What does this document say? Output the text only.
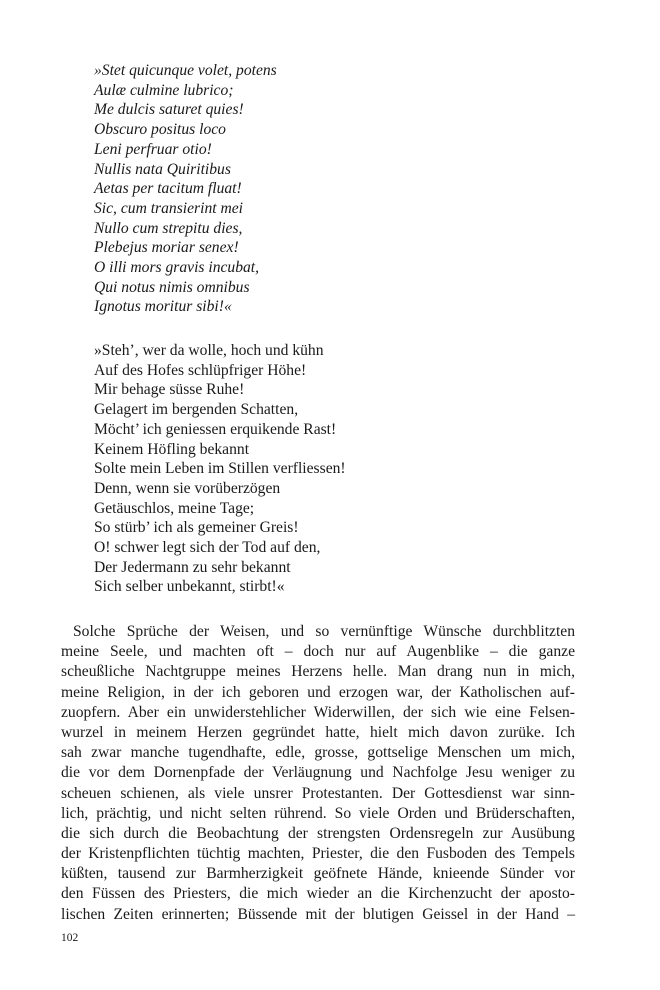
»Stet quicunque volet, potens
Aulæ culmine lubrico;
Me dulcis saturet quies!
Obscuro positus loco
Leni perfruar otio!
Nullis nata Quiritibus
Aetas per tacitum fluat!
Sic, cum transierint mei
Nullo cum strepitu dies,
Plebejus moriar senex!
O illi mors gravis incubat,
Qui notus nimis omnibus
Ignotus moritur sibi!«
»Steh’, wer da wolle, hoch und kühn
Auf des Hofes schlüpfriger Höhe!
Mir behage süsse Ruhe!
Gelagert im bergenden Schatten,
Möcht’ ich geniessen erquikende Rast!
Keinem Höfling bekannt
Solte mein Leben im Stillen verfliessen!
Denn, wenn sie vorüberzögen
Getäuschlos, meine Tage;
So stürb’ ich als gemeiner Greis!
O! schwer legt sich der Tod auf den,
Der Jedermann zu sehr bekannt
Sich selber unbekannt, stirbt!«

Solche Sprüche der Weisen, und so vernünftige Wünsche durchblitzten
meine Seele, und machten oft – doch nur auf Augenblike – die ganze
scheußliche Nachtgruppe meines Herzens helle. Man drang nun in mich,
meine Religion, in der ich geboren und erzogen war, der Katholischen auf-
zuopfern. Aber ein unwiderstehlicher Widerwillen, der sich wie eine Felsen-
wurzel in meinem Herzen gegründet hatte, hielt mich davon zurüke. Ich
sah zwar manche tugendhafte, edle, grosse, gottselige Menschen um mich,
die vor dem Dornenpfade der Verläugnung und Nachfolge Jesu weniger zu
scheuen schienen, als viele unsrer Protestanten. Der Gottesdienst war sinn-
lich, prächtig, und nicht selten rührend. So viele Orden und Brüderschaften,
die sich durch die Beobachtung der strengsten Ordensregeln zur Ausübung
der Kristenpflichten tüchtig machten, Priester, die den Fusboden des Tempels
küßten, tausend zur Barmherzigkeit geöfnete Hände, knieende Sünder vor
den Füssen des Priesters, die mich wieder an die Kirchenzucht der aposto-
lischen Zeiten erinnerten; Büssende mit der blutigen Geissel in der Hand –

102
